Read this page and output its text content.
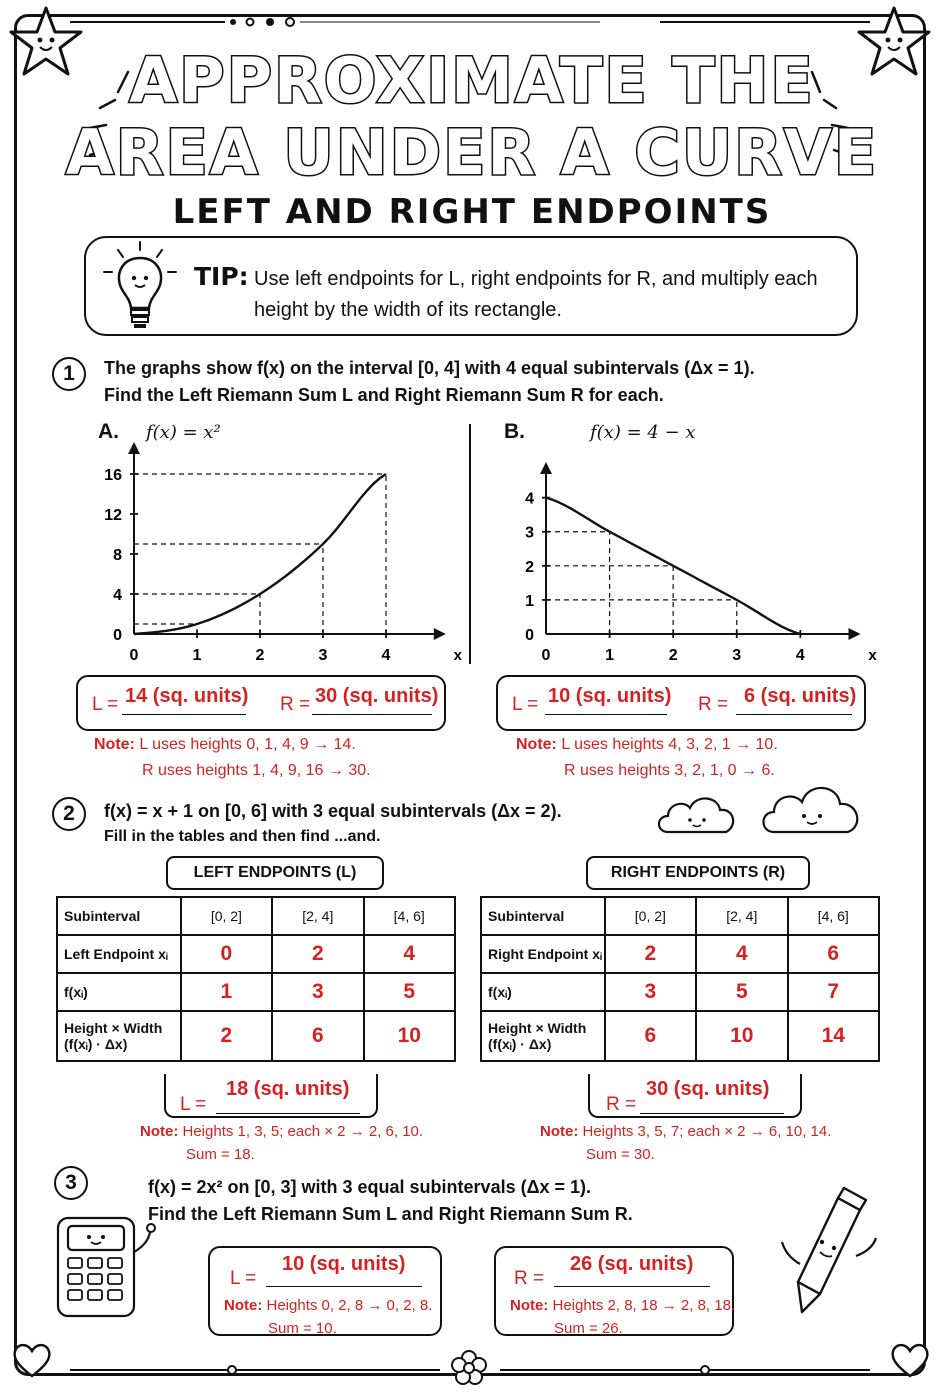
APPROXIMATE THE
AREA UNDER A CURVE
LEFT AND RIGHT ENDPOINTS
TIP: Use left endpoints for L, right endpoints for R, and multiply each height by the width of its rectangle.
1	The graphs show f(x) on the interval [0, 4] with 4 equal subintervals (Δx = 1).
Find the Left Riemann Sum L and Right Riemann Sum R for each.
A. f(x) = x²	B.	f(x) = 4 − x
0	1	2	3	4
0
4
8
12
16
x	0	1	2	3	4
0
1
2
3
4
x
L = 14 (sq. units) R = 30 (sq. units)	L = 10 (sq. units) R = 6 (sq. units)
Note: L uses heights 0, 1, 4, 9 → 14.
R uses heights 1, 4, 9, 16 → 30.
Note: L uses heights 4, 3, 2, 1 → 10.
R uses heights 3, 2, 1, 0 → 6.
2	f(x) = x + 1 on [0, 6] with 3 equal subintervals (Δx = 2).
Fill in the tables and then find ...and.
LEFT ENDPOINTS (L)	RIGHT ENDPOINTS (R)
Subinterval	[0, 2]	[2, 4]	[4, 6]
Left Endpoint xᵢ	0	2	4
f(xᵢ)	1	3	5

Height × Width
(f(xᵢ) · Δx)	2	6	10
Subinterval	[0, 2]	[2, 4]	[4, 6]
Right Endpoint xᵢ	2	4	6
f(xᵢ)	3	5	7

Height × Width
(f(xᵢ) · Δx)	6	10	14
L =
18 (sq. units)
Note: Heights 1, 3, 5; each × 2 → 2, 6, 10.
Sum = 18.
R =
30 (sq. units)
Note: Heights 3, 5, 7; each × 2 → 6, 10, 14.
Sum = 30.
3	f(x) = 2x² on [0, 3] with 3 equal subintervals (Δx = 1).
Find the Left Riemann Sum L and Right Riemann Sum R.
L =
10 (sq. units)
Note: Heights 0, 2, 8 → 0, 2, 8.
Sum = 10.
R =
26 (sq. units)
Note: Heights 2, 8, 18 → 2, 8, 18.
Sum = 26.
